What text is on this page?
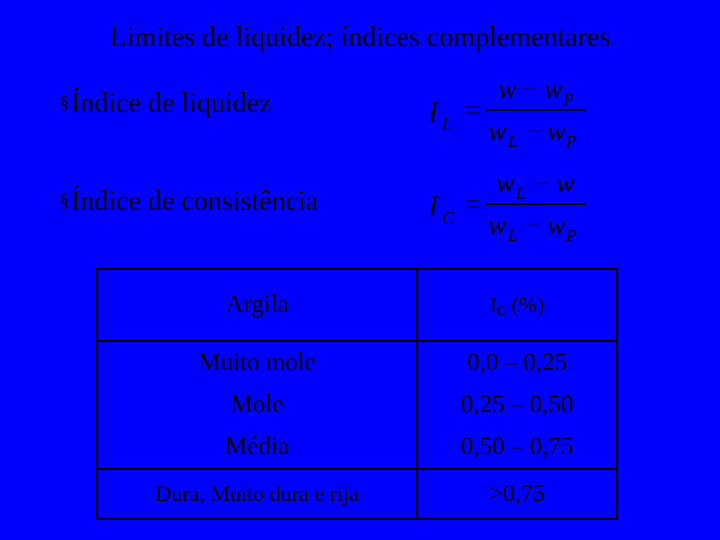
Limites de liquidez; índices complementares
§ Índice de liquidez	I L =
w − w P
w L − w P
§ Índice de consistência	I C =
w L − w
w L − w P
Argila	IC (%)
Muito mole	0,0 – 0,25
Mole	0,25 – 0,50
Média	0,50 – 0,75
Dura, Muito dura e rija	>0,75
